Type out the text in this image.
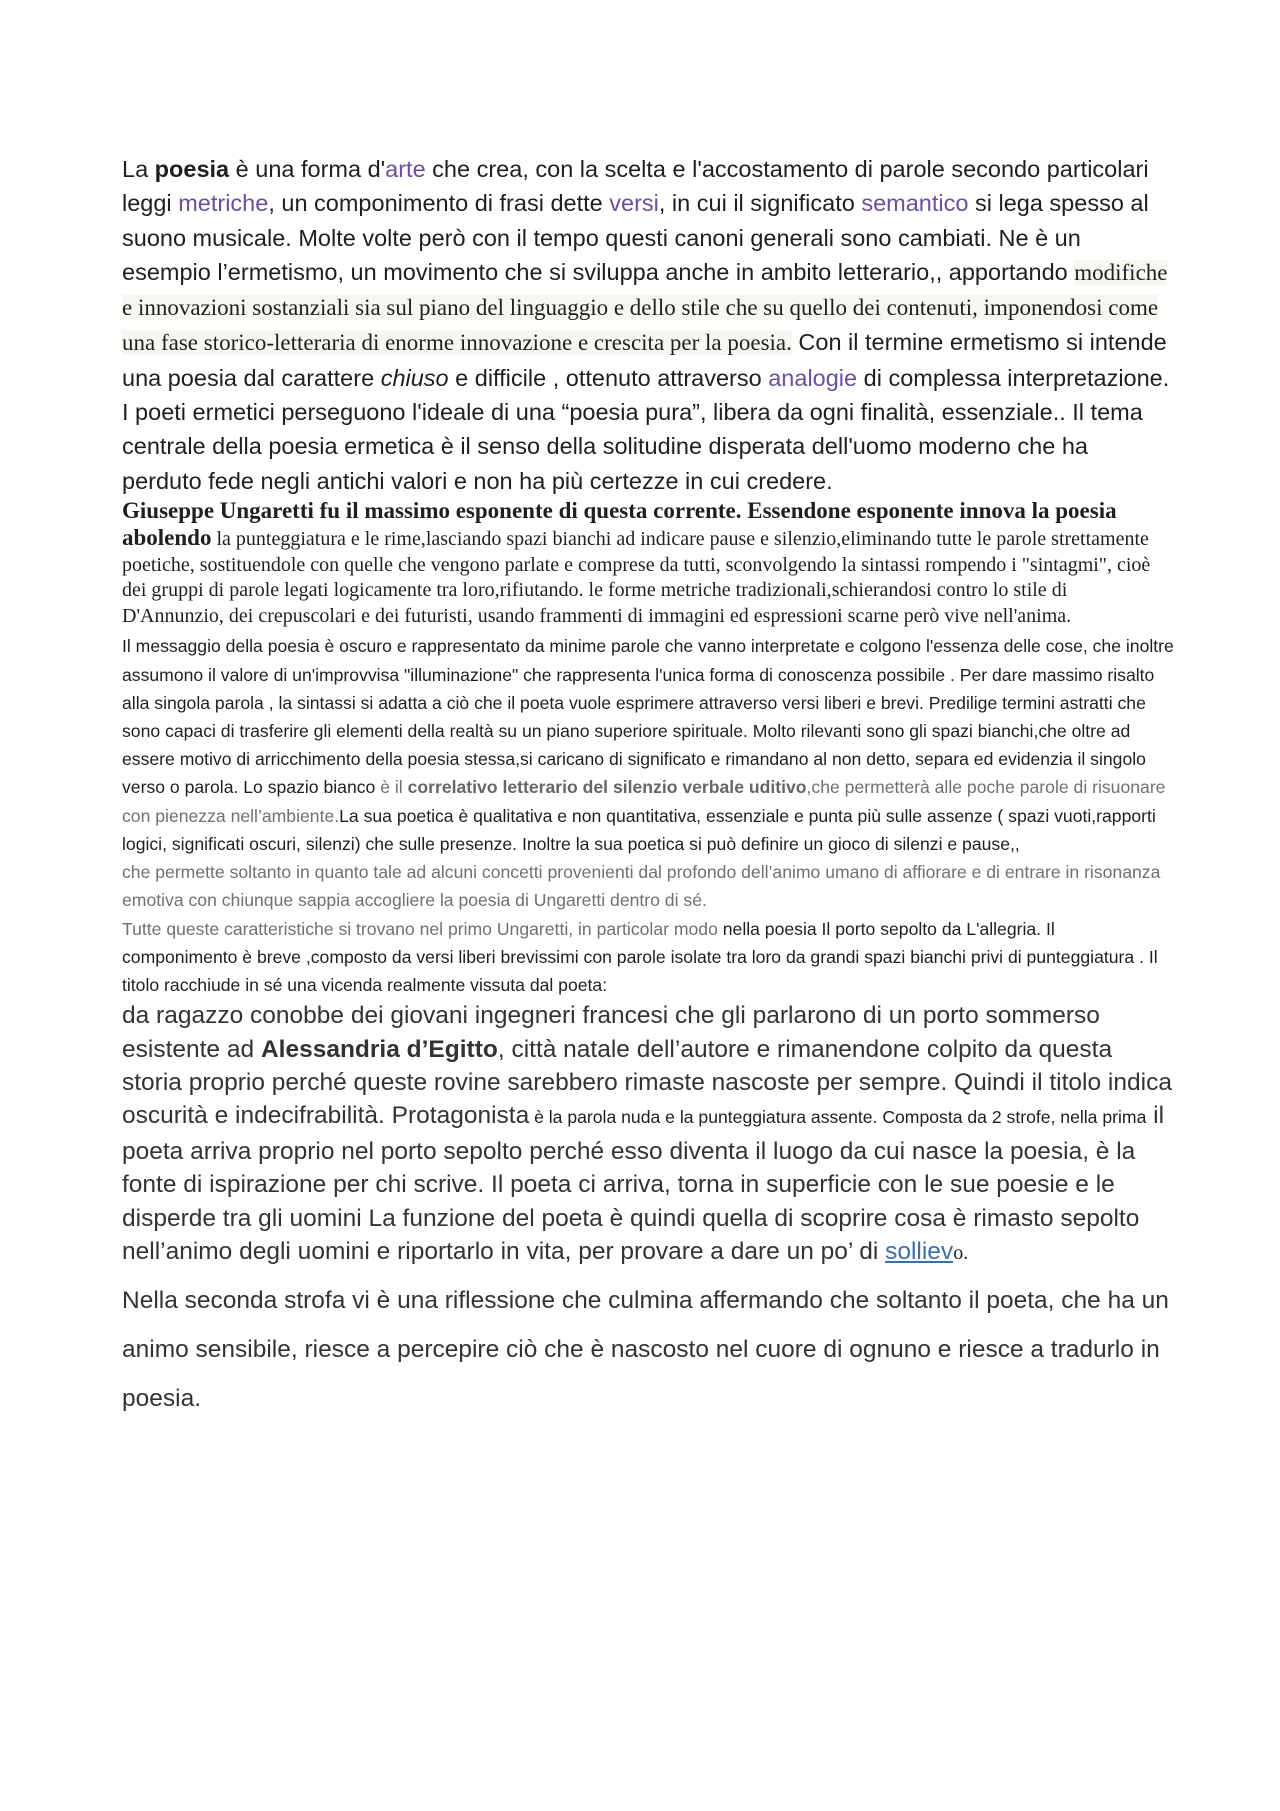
La poesia è una forma d'arte che crea, con la scelta e l'accostamento di parole secondo particolari leggi metriche, un componimento di frasi dette versi, in cui il significato semantico si lega spesso al suono musicale. Molte volte però con il tempo questi canoni generali sono cambiati. Ne è un esempio l’ermetismo, un movimento che si sviluppa anche in ambito letterario,, apportando modifiche e innovazioni sostanziali sia sul piano del linguaggio e dello stile che su quello dei contenuti, imponendosi come una fase storico-letteraria di enorme innovazione e crescita per la poesia. Con il termine ermetismo si intende una poesia dal carattere chiuso e difficile , ottenuto attraverso analogie di complessa interpretazione. I poeti ermetici perseguono l'ideale di una “poesia pura”, libera da ogni finalità, essenziale.. Il tema centrale della poesia ermetica è il senso della solitudine disperata dell'uomo moderno che ha perduto fede negli antichi valori e non ha più certezze in cui credere.

Giuseppe Ungaretti fu il massimo esponente di questa corrente. Essendone esponente innova la poesia abolendo la punteggiatura e le rime,lasciando spazi bianchi ad indicare pause e silenzio,eliminando tutte le parole strettamente poetiche, sostituendole con quelle che vengono parlate e comprese da tutti, sconvolgendo la sintassi rompendo i "sintagmi", cioè dei gruppi di parole legati logicamente tra loro,rifiutando. le forme metriche tradizionali,schierandosi contro lo stile di D'Annunzio, dei crepuscolari e dei futuristi, usando frammenti di immagini ed espressioni scarne però vive nell'anima.

Il messaggio della poesia è oscuro e rappresentato da minime parole che vanno interpretate e colgono l'essenza delle cose, che inoltre assumono il valore di un'improvvisa "illuminazione" che rappresenta l'unica forma di conoscenza possibile . Per dare massimo risalto alla singola parola , la sintassi si adatta a ciò che il poeta vuole esprimere attraverso versi liberi e brevi. Predilige termini astratti che sono capaci di trasferire gli elementi della realtà su un piano superiore spirituale. Molto rilevanti sono gli spazi bianchi,che oltre ad essere motivo di arricchimento della poesia stessa,si caricano di significato e rimandano al non detto, separa ed evidenzia il singolo verso o parola. Lo spazio bianco è il correlativo letterario del silenzio verbale uditivo,che permetterà alle poche parole di risuonare con pienezza nell’ambiente.La sua poetica è qualitativa e non quantitativa, essenziale e punta più sulle assenze ( spazi vuoti,rapporti logici, significati oscuri, silenzi) che sulle presenze. Inoltre la sua poetica si può definire un gioco di silenzi e pause,,
che permette soltanto in quanto tale ad alcuni concetti provenienti dal profondo dell’animo umano di affiorare e di entrare in risonanza emotiva con chiunque sappia accogliere la poesia di Ungaretti dentro di sé.
Tutte queste caratteristiche si trovano nel primo Ungaretti, in particolar modo nella poesia Il porto sepolto da L'allegria. Il componimento è breve ,composto da versi liberi brevissimi con parole isolate tra loro da grandi spazi bianchi privi di punteggiatura . Il titolo racchiude in sé una vicenda realmente vissuta dal poeta:

da ragazzo conobbe dei giovani ingegneri francesi che gli parlarono di un porto sommerso esistente ad Alessandria d’Egitto, città natale dell’autore e rimanendone colpito da questa storia proprio perché queste rovine sarebbero rimaste nascoste per sempre. Quindi il titolo indica oscurità e indecifrabilità. Protagonista è la parola nuda e la punteggiatura assente. Composta da 2 strofe, nella prima il poeta arriva proprio nel porto sepolto perché esso diventa il luogo da cui nasce la poesia, è la fonte di ispirazione per chi scrive. Il poeta ci arriva, torna in superficie con le sue poesie e le disperde tra gli uomini La funzione del poeta è quindi quella di scoprire cosa è rimasto sepolto nell’animo degli uomini e riportarlo in vita, per provare a dare un po’ di sollievo.

Nella seconda strofa vi è una riflessione che culmina affermando che soltanto il poeta, che ha un animo sensibile, riesce a percepire ciò che è nascosto nel cuore di ognuno e riesce a tradurlo in poesia.
